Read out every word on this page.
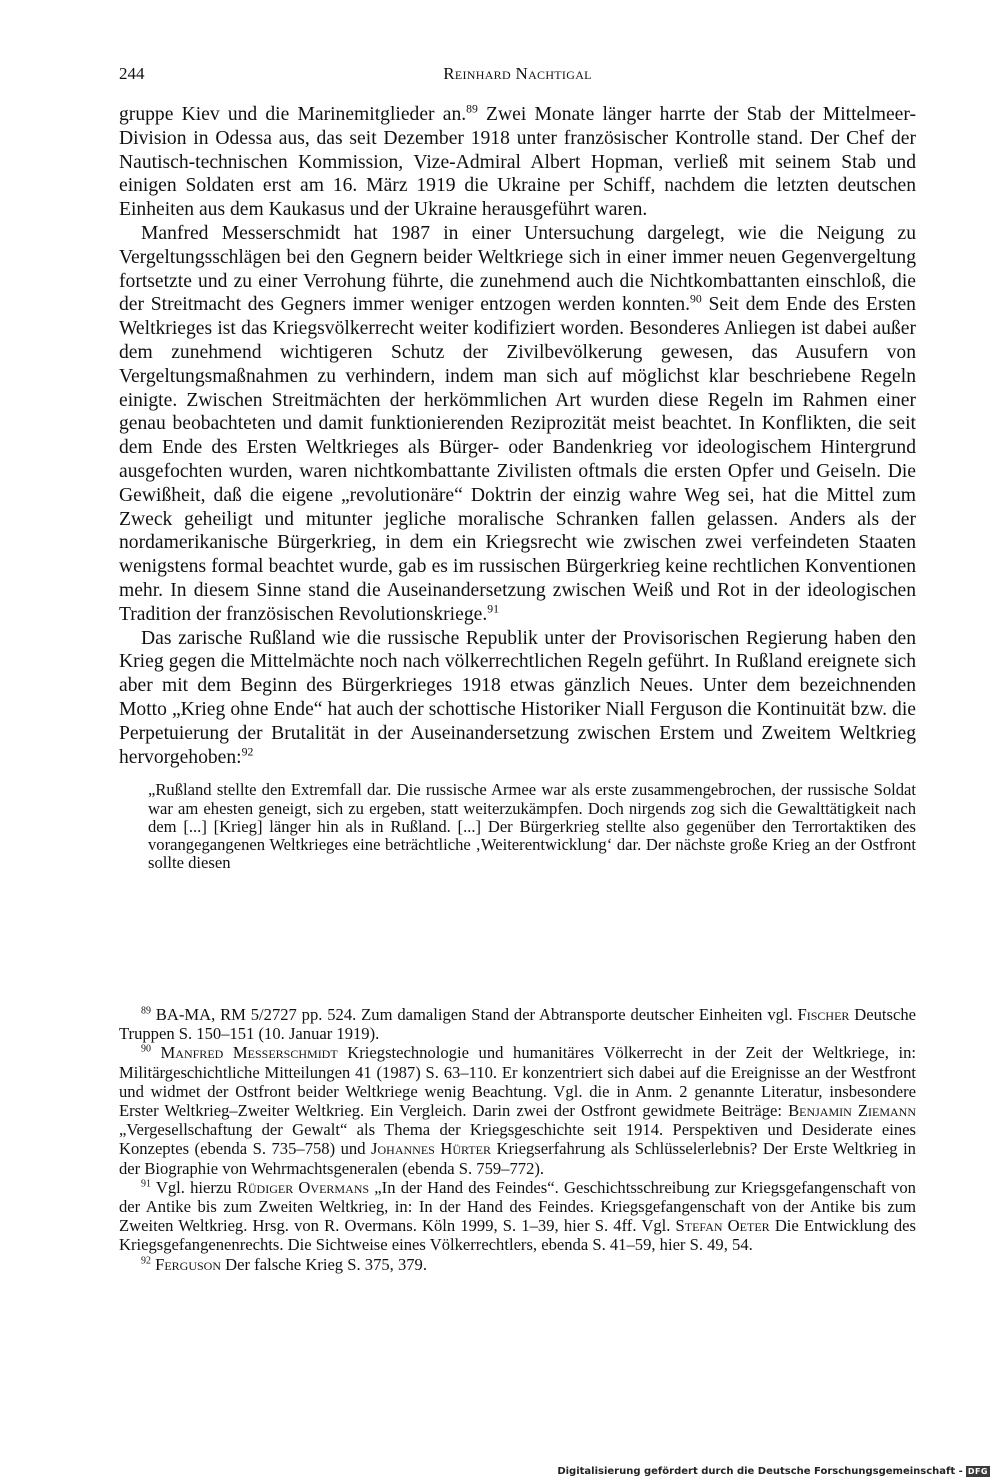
244	Reinhard Nachtigal

gruppe Kiev und die Marinemitglieder an.$^{89}$ Zwei Monate länger harrte der Stab der Mittelmeer-Division in Odessa aus, das seit Dezember 1918 unter französischer Kontrolle stand. Der Chef der Nautisch-technischen Kommission, Vize-Admiral Albert Hopman, verließ mit seinem Stab und einigen Soldaten erst am 16. März 1919 die Ukraine per Schiff, nachdem die letzten deutschen Einheiten aus dem Kaukasus und der Ukraine herausgeführt waren.

Manfred Messerschmidt hat 1987 in einer Untersuchung dargelegt, wie die Neigung zu Vergeltungsschlägen bei den Gegnern beider Weltkriege sich in einer immer neuen Gegenvergeltung fortsetzte und zu einer Verrohung führte, die zunehmend auch die Nichtkombattanten einschloß, die der Streitmacht des Gegners immer weniger entzogen werden konnten.$^{90}$ Seit dem Ende des Ersten Weltkrieges ist das Kriegsvölkerrecht weiter kodifiziert worden. Besonderes Anliegen ist dabei außer dem zunehmend wichtigeren Schutz der Zivilbevölkerung gewesen, das Ausufern von Vergeltungsmaßnahmen zu verhindern, indem man sich auf möglichst klar beschriebene Regeln einigte. Zwischen Streitmächten der herkömmlichen Art wurden diese Regeln im Rahmen einer genau beobachteten und damit funktionierenden Reziprozität meist beachtet. In Konflikten, die seit dem Ende des Ersten Weltkrieges als Bürger- oder Bandenkrieg vor ideologischem Hintergrund ausgefochten wurden, waren nichtkombattante Zivilisten oftmals die ersten Opfer und Geiseln. Die Gewißheit, daß die eigene „revolutionäre“ Doktrin der einzig wahre Weg sei, hat die Mittel zum Zweck geheiligt und mitunter jegliche moralische Schranken fallen gelassen. Anders als der nordamerikanische Bürgerkrieg, in dem ein Kriegsrecht wie zwischen zwei verfeindeten Staaten wenigstens formal beachtet wurde, gab es im russischen Bürgerkrieg keine rechtlichen Konventionen mehr. In diesem Sinne stand die Auseinandersetzung zwischen Weiß und Rot in der ideologischen Tradition der französischen Revolutionskriege.$^{91}$

Das zarische Rußland wie die russische Republik unter der Provisorischen Regierung haben den Krieg gegen die Mittelmächte noch nach völkerrechtlichen Regeln geführt. In Rußland ereignete sich aber mit dem Beginn des Bürgerkrieges 1918 etwas gänzlich Neues. Unter dem bezeichnenden Motto „Krieg ohne Ende“ hat auch der schottische Historiker Niall Ferguson die Kontinuität bzw. die Perpetuierung der Brutalität in der Auseinandersetzung zwischen Erstem und Zweitem Weltkrieg hervorgehoben:$^{92}$

„Rußland stellte den Extremfall dar. Die russische Armee war als erste zusammengebrochen, der russische Soldat war am ehesten geneigt, sich zu ergeben, statt weiterzukämpfen. Doch nirgends zog sich die Gewalttätigkeit nach dem [...] [Krieg] länger hin als in Rußland. [...] Der Bürgerkrieg stellte also gegenüber den Terrortaktiken des vorangegangenen Weltkrieges eine beträchtliche ‚Weiterentwicklung‘ dar. Der nächste große Krieg an der Ostfront sollte diesen

$^{89}$ BA-MA, RM 5/2727 pp. 524. Zum damaligen Stand der Abtransporte deutscher Einheiten vgl. Fischer Deutsche Truppen S. 150–151 (10. Januar 1919).

$^{90}$ Manfred Messerschmidt Kriegstechnologie und humanitäres Völkerrecht in der Zeit der Weltkriege, in: Militärgeschichtliche Mitteilungen 41 (1987) S. 63–110. Er konzentriert sich dabei auf die Ereignisse an der Westfront und widmet der Ostfront beider Weltkriege wenig Beachtung. Vgl. die in Anm. 2 genannte Literatur, insbesondere Erster Weltkrieg–Zweiter Weltkrieg. Ein Vergleich. Darin zwei der Ostfront gewidmete Beiträge: Benjamin Ziemann „Vergesellschaftung der Gewalt“ als Thema der Kriegsgeschichte seit 1914. Perspektiven und Desiderate eines Konzeptes (ebenda S. 735–758) und Johannes Hürter Kriegserfahrung als Schlüsselerlebnis? Der Erste Weltkrieg in der Biographie von Wehrmachtsgeneralen (ebenda S. 759–772).

$^{91}$ Vgl. hierzu Rüdiger Overmans „In der Hand des Feindes“. Geschichtsschreibung zur Kriegsgefangenschaft von der Antike bis zum Zweiten Weltkrieg, in: In der Hand des Feindes. Kriegsgefangenschaft von der Antike bis zum Zweiten Weltkrieg. Hrsg. von R. Overmans. Köln 1999, S. 1–39, hier S. 4ff. Vgl. Stefan Oeter Die Entwicklung des Kriegsgefangenenrechts. Die Sichtweise eines Völkerrechtlers, ebenda S. 41–59, hier S. 49, 54.

$^{92}$ Ferguson Der falsche Krieg S. 375, 379.

Digitalisierung gefördert durch die Deutsche Forschungsgemeinschaft - DFG
